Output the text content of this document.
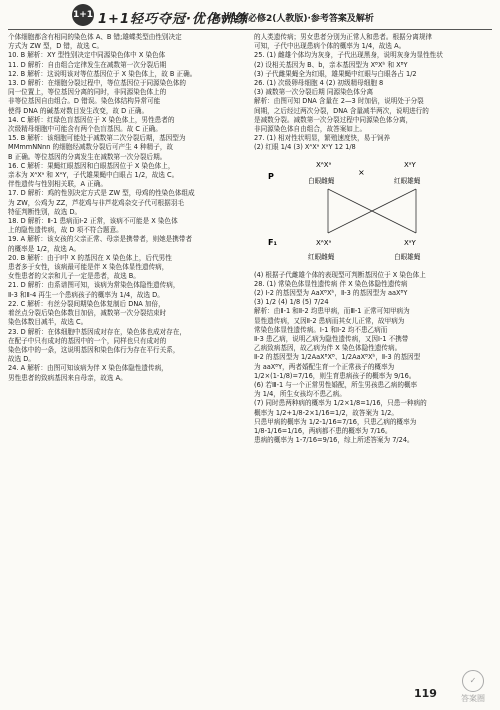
1+1 1+1轻巧夺冠·优化训练
高中生物必修2(人教版)·参考答案及解析
个体细胞都含有相同的染色体 A、B 错;雄蝶类型由性别决定
方式为 ZW 型，D 错，故选 C。
10. B 解析：XY 型性别决定中同源染色体中 X 染色体
11. D 解析：自由组合定律发生在减数第一次分裂后期
12. B 解析：这说明该对等位基因位于 X 染色体上，故 B 正确。
13. D 解析：在细胞分裂过程中，等位基因位于同源染色体的
同一位置上，等位基因分离的同时，非同源染色体上的
非等位基因自由组合。D 错误。染色体结构异常可能
使得 DNA 的碱基对数目发生改变，故 D 正确。
14. C 解析：红绿色盲基因位于 X 染色体上，男性患者的
次级精母细胞中可能含有两个色盲基因。故 C 正确。
15. B 解析：该细胞可能处于减数第二次分裂后期，基因型为
MMmmNNnn 的细胞经减数分裂后可产生 4 种精子，故
B 正确。等位基因的分离发生在减数第一次分裂后期。
16. C 解析：果蝇红眼基因和白眼基因位于 X 染色体上，
亲本为 XᴬXᵃ 和 XᴬY，子代雄果蝇中白眼占 1/2，故选 C。
伴性遗传与性别相关联，A 正确。
17. D 解析：鸡的性别决定方式是 ZW 型，母鸡的性染色体组成
为 ZW，公鸡为 ZZ，芦花鸡与非芦花鸡杂交子代可根据羽毛
特征判断性别，故选 D。
18. D 解析：Ⅱ-1 患病而Ⅰ-2 正常，该病不可能是 X 染色体
上的隐性遗传病，故 D 项不符合题意。
19. A 解析：该女孩的父亲正常、母亲是携带者，则她是携带者
的概率是 1/2，故选 A。
20. B 解析：由于Ⅰ中 X 的基因在 X 染色体上，后代男性
患者多于女性，该病最可能是伴 X 染色体显性遗传病，
女性患者的父亲和儿子一定是患者，故选 B。
21. D 解析：由系谱图可知，该病为常染色体隐性遗传病，
Ⅱ-3 和Ⅱ-4 再生一个患病孩子的概率为 1/4，故选 D。
22. C 解析：有丝分裂间期染色体复制后 DNA 加倍，
着丝点分裂后染色体数目加倍，减数第一次分裂结束时
染色体数目减半，故选 C。
23. D 解析：在体细胞中基因成对存在，染色体也成对存在，
在配子中只有成对的基因中的一个，同样也只有成对的
染色体中的一条，这说明基因和染色体行为存在平行关系，
故选 D。
24. A 解析：由图可知该病为伴 X 染色体隐性遗传病，
男性患者的致病基因来自母亲，故选 A。
的人类遗传病；男女患者分别为正常人和患者。根据分离规律
可知，子代中出现患病个体的概率为 1/4，故选 A。
25. (1) 雌雄个体均为灰身，子代出现黑身，说明灰身为显性性状
(2) 设相关基因为 B、b，亲本基因型为 XᴮXᵇ 和 XᴮY
(3) 子代雌果蝇全为红眼，雄果蝇中红眼与白眼各占 1/2
26. (1) 次级卵母细胞 4 (2) 初级精母细胞 8
(3) 减数第一次分裂后期 同源染色体分离
解析：由图可知 DNA 含量在 2—3 时加倍，说明处于分裂
间期，之后经过两次分裂，DNA 含量减半两次，说明进行的
是减数分裂。减数第一次分裂过程中同源染色体分离，
非同源染色体自由组合，故答案如上。
27. (1) 相对性状明显，繁殖速度快，易于饲养
(2) 红眼 1/4 (3) XᴬXᵃ XᵃY 12 1/8
P
XᴬXᵃ
×
XᵃY
白眼雌蝇	红眼雄蝇
F₁	XᴬXᵃ	XᵃY
红眼雌蝇	白眼雄蝇
(4) 根据子代雌雄个体的表现型可判断基因位于 X 染色体上
28. (1) 常染色体显性遗传病 伴 X 染色体隐性遗传病
(2) Ⅰ-2 的基因型为 AaXᴮXᵇ，Ⅱ-3 的基因型为 aaXᴮY
(3) 1/2 (4) 1/8 (5) 7/24
解析：由Ⅱ-1 和Ⅱ-2 均患甲病，而Ⅲ-1 正常可知甲病为
显性遗传病，又因Ⅱ-2 患病而其女儿正常，故甲病为
常染色体显性遗传病。Ⅰ-1 和Ⅰ-2 均不患乙病而
Ⅱ-3 患乙病，说明乙病为隐性遗传病，又因Ⅰ-1 不携带
乙病致病基因，故乙病为伴 X 染色体隐性遗传病。
Ⅱ-2 的基因型为 1/2AaXᴮXᴮ、1/2AaXᴮXᵇ，Ⅱ-3 的基因型
为 aaXᴮY，两者婚配生育一个正常孩子的概率为
1/2×(1-1/8)=7/16，则生育患病孩子的概率为 9/16。
(6) 若Ⅲ-1 与一个正常男性婚配，所生男孩患乙病的概率
为 1/4，所生女孩均不患乙病。
(7) 同时患两种病的概率为 1/2×1/8=1/16，只患一种病的
概率为 1/2+1/8-2×1/16=1/2，故答案为 1/2。
只患甲病的概率为 1/2-1/16=7/16，只患乙病的概率为
1/8-1/16=1/16，两病都不患的概率为 7/16。
患病的概率为 1-7/16=9/16，综上所述答案为 7/24。
119
✓
答案圈
